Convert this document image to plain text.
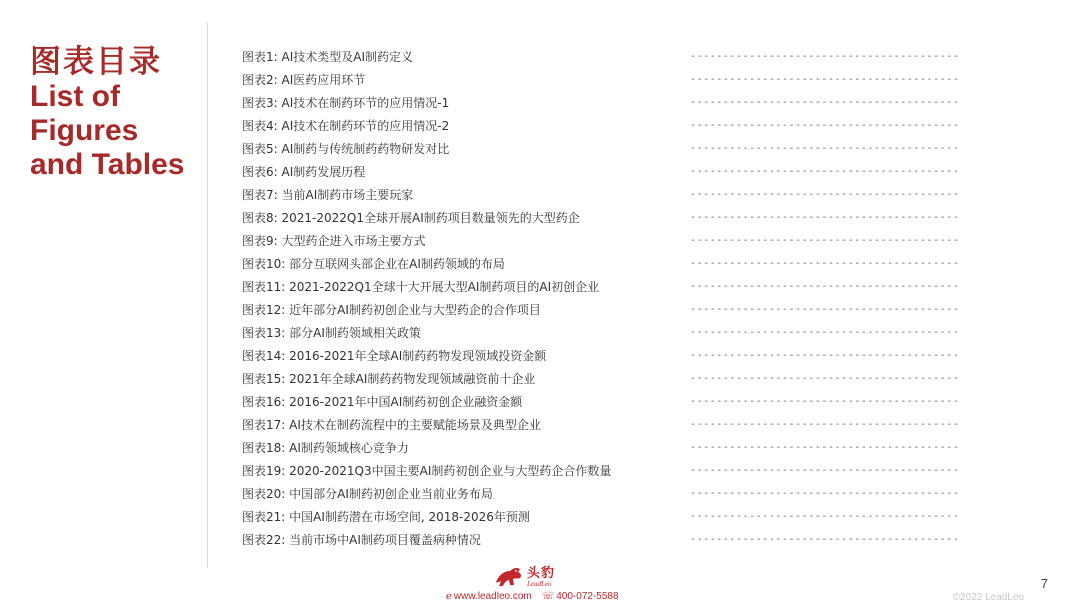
图表目录
List of
Figures
and Tables
图表1: AI技术类型及AI制药定义	-----------------------------------------
图表2: AI医药应用环节	-----------------------------------------
图表3: AI技术在制药环节的应用情况-1	-----------------------------------------
图表4: AI技术在制药环节的应用情况-2	-----------------------------------------
图表5: AI制药与传统制药药物研发对比	-----------------------------------------
图表6: AI制药发展历程	-----------------------------------------
图表7: 当前AI制药市场主要玩家	-----------------------------------------
图表8: 2021-2022Q1全球开展AI制药项目数量领先的大型药企	-----------------------------------------
图表9: 大型药企进入市场主要方式	-----------------------------------------
图表10: 部分互联网头部企业在AI制药领域的布局	-----------------------------------------
图表11: 2021-2022Q1全球十大开展大型AI制药项目的AI初创企业	-----------------------------------------
图表12: 近年部分AI制药初创企业与大型药企的合作项目	-----------------------------------------
图表13: 部分AI制药领域相关政策	-----------------------------------------
图表14: 2016-2021年全球AI制药药物发现领域投资金额	-----------------------------------------
图表15: 2021年全球AI制药药物发现领域融资前十企业	-----------------------------------------
图表16: 2016-2021年中国AI制药初创企业融资金额	-----------------------------------------
图表17: AI技术在制药流程中的主要赋能场景及典型企业	-----------------------------------------
图表18: AI制药领域核心竞争力	-----------------------------------------
图表19: 2020-2021Q3中国主要AI制药初创企业与大型药企合作数量	-----------------------------------------
图表20: 中国部分AI制药初创企业当前业务布局	-----------------------------------------
图表21: 中国AI制药潜在市场空间, 2018-2026年预测	-----------------------------------------
图表22: 当前市场中AI制药项目覆盖病种情况	-----------------------------------------
头豹
LeadLeo
ℯ www.leadleo.com ☏ 400-072-5588
7
©2022 LeadLeo
